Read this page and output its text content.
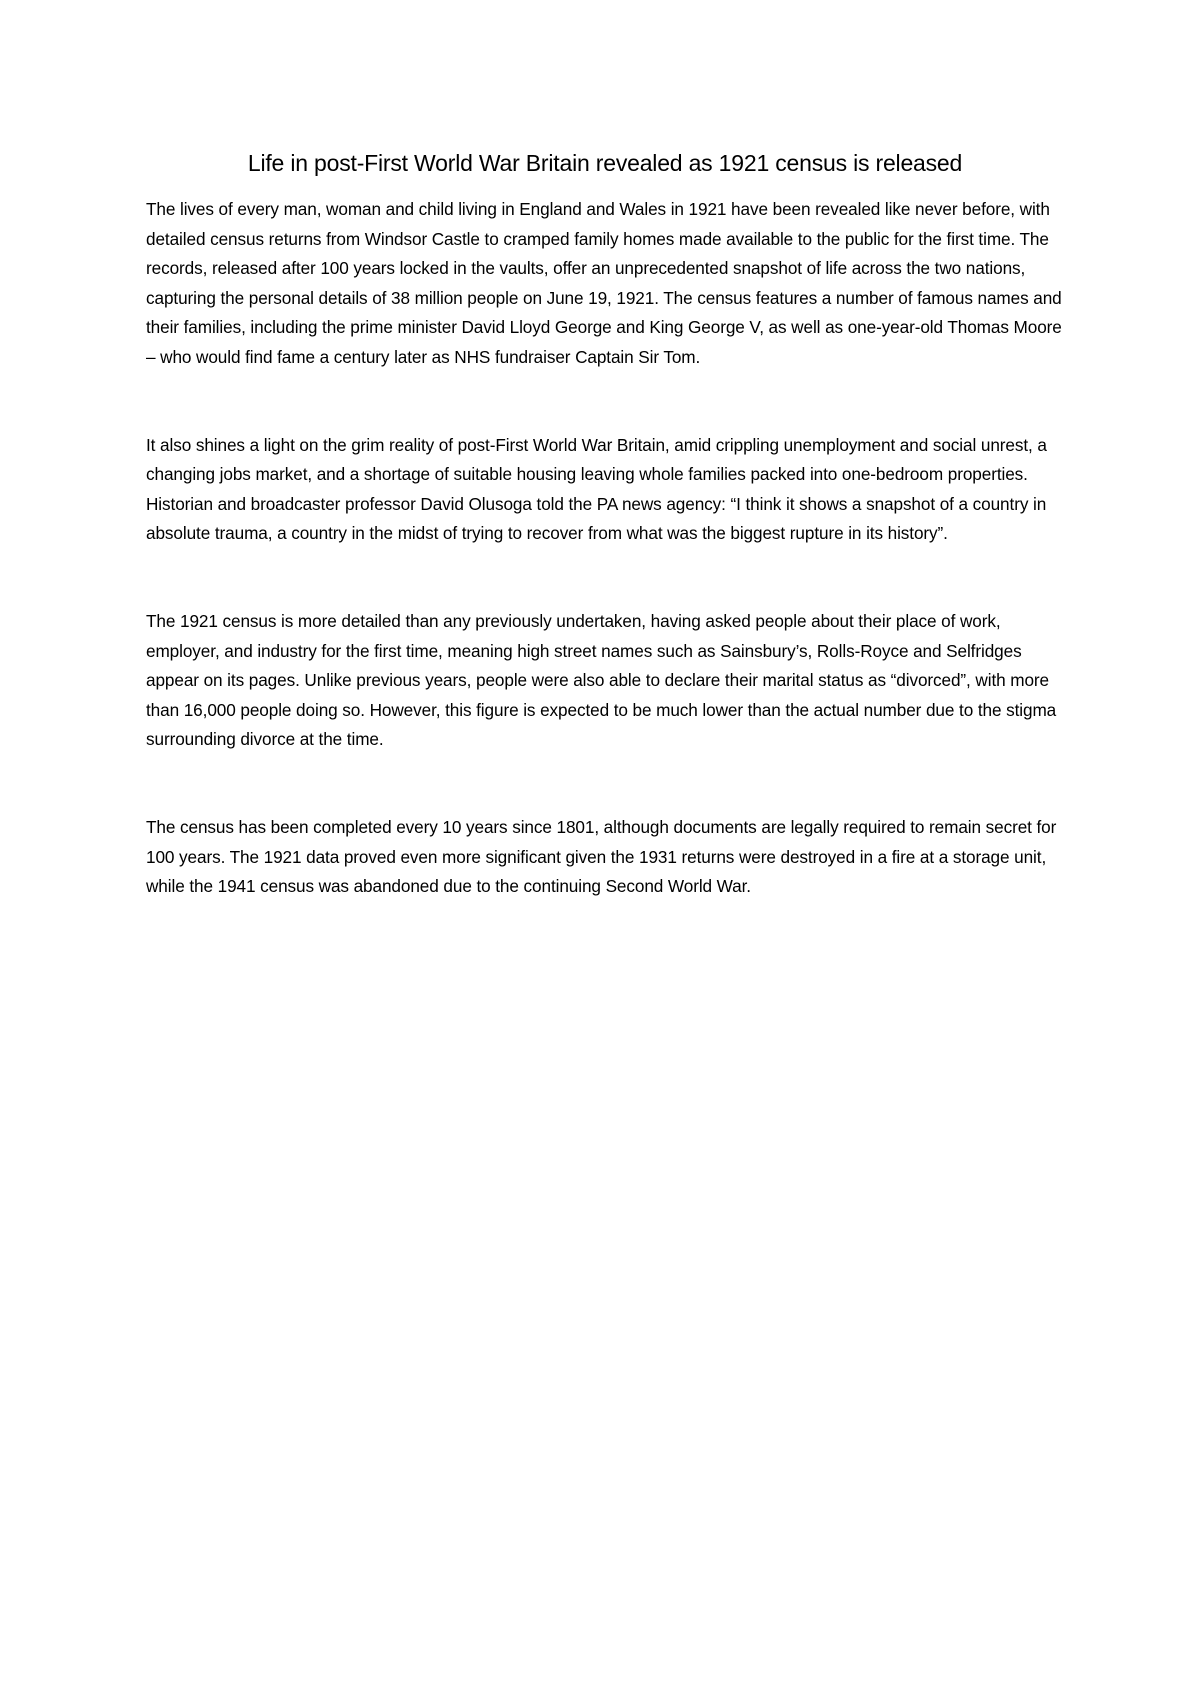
Life in post-First World War Britain revealed as 1921 census is released

The lives of every man, woman and child living in England and Wales in 1921 have been revealed like never before, with detailed census returns from Windsor Castle to cramped family homes made available to the public for the first time. The records, released after 100 years locked in the vaults, offer an unprecedented snapshot of life across the two nations, capturing the personal details of 38 million people on June 19, 1921. The census features a number of famous names and their families, including the prime minister David Lloyd George and King George V, as well as one-year-old Thomas Moore – who would find fame a century later as NHS fundraiser Captain Sir Tom.

It also shines a light on the grim reality of post-First World War Britain, amid crippling unemployment and social unrest, a changing jobs market, and a shortage of suitable housing leaving whole families packed into one-bedroom properties. Historian and broadcaster professor David Olusoga told the PA news agency: “I think it shows a snapshot of a country in absolute trauma, a country in the midst of trying to recover from what was the biggest rupture in its history”.

The 1921 census is more detailed than any previously undertaken, having asked people about their place of work, employer, and industry for the first time, meaning high street names such as Sainsbury’s, Rolls-Royce and Selfridges appear on its pages. Unlike previous years, people were also able to declare their marital status as “divorced”, with more than 16,000 people doing so. However, this figure is expected to be much lower than the actual number due to the stigma surrounding divorce at the time.

The census has been completed every 10 years since 1801, although documents are legally required to remain secret for 100 years. The 1921 data proved even more significant given the 1931 returns were destroyed in a fire at a storage unit, while the 1941 census was abandoned due to the continuing Second World War.
